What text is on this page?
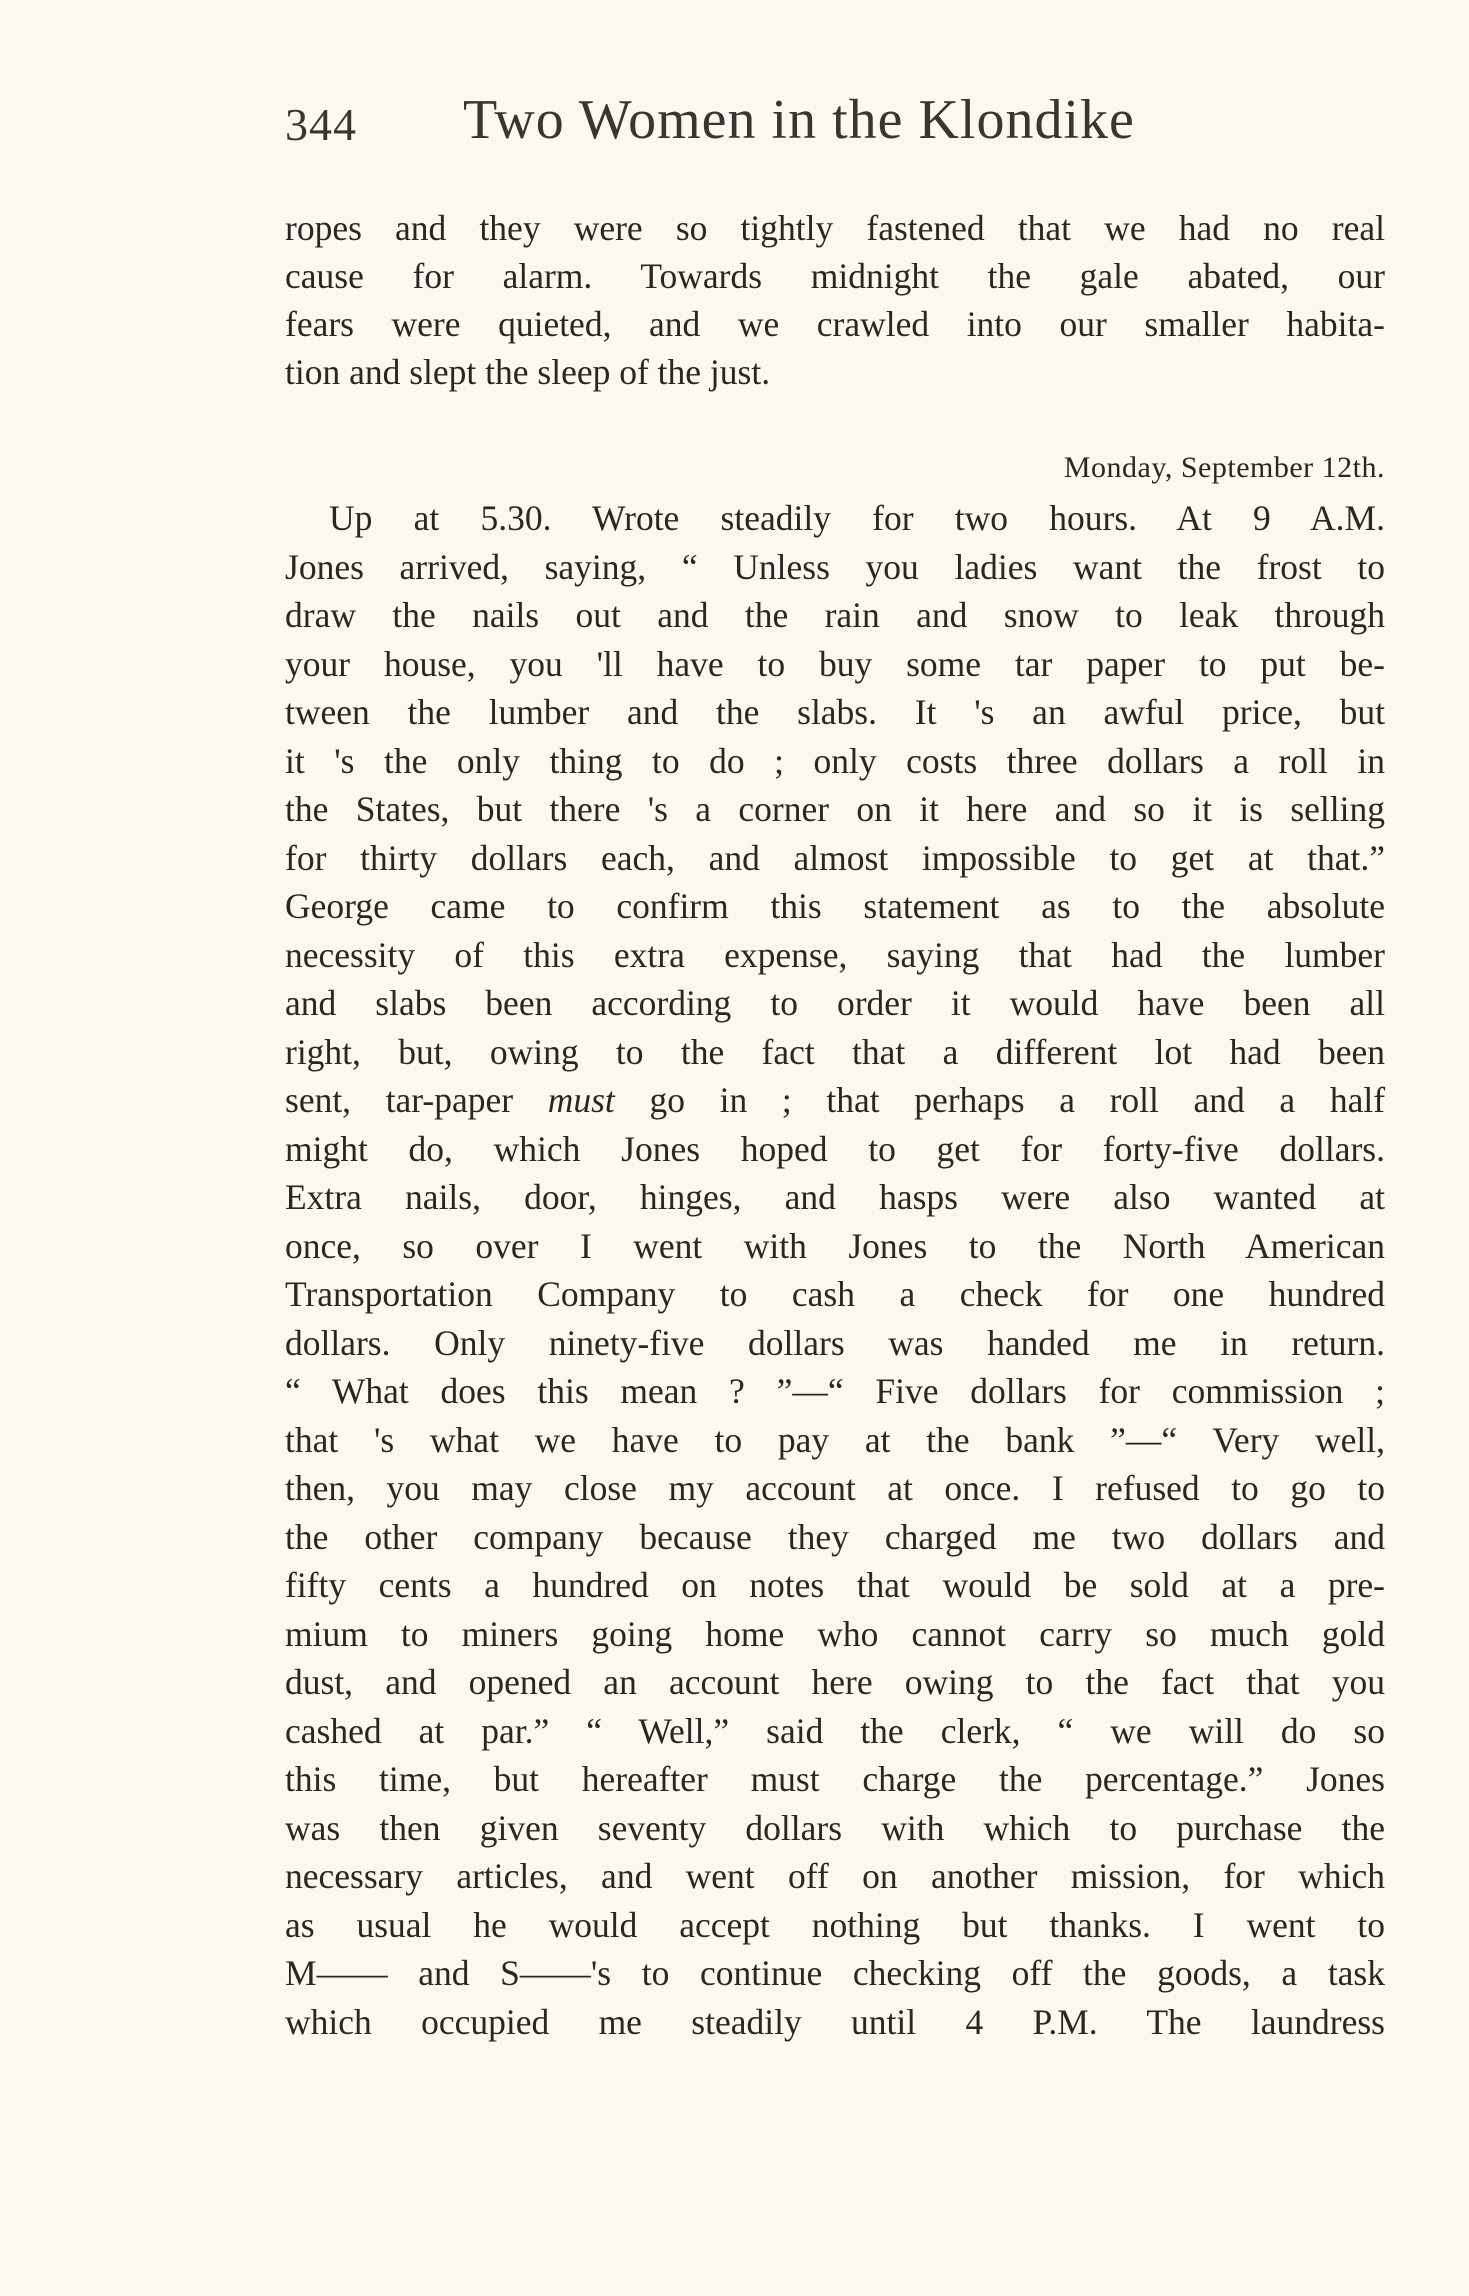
344 Two Women in the Klondike
ropes and they were so tightly fastened that we had no real
cause for alarm. Towards midnight the gale abated, our
fears were quieted, and we crawled into our smaller habita-
tion and slept the sleep of the just.
Monday, September 12th.
Up at 5.30. Wrote steadily for two hours. At 9 A.M.
Jones arrived, saying, “ Unless you ladies want the frost to
draw the nails out and the rain and snow to leak through
your house, you 'll have to buy some tar paper to put be-
tween the lumber and the slabs. It 's an awful price, but
it 's the only thing to do ; only costs three dollars a roll in
the States, but there 's a corner on it here and so it is selling
for thirty dollars each, and almost impossible to get at that.”
George came to confirm this statement as to the absolute
necessity of this extra expense, saying that had the lumber
and slabs been according to order it would have been all
right, but, owing to the fact that a different lot had been
sent, tar-paper must go in ; that perhaps a roll and a half
might do, which Jones hoped to get for forty-five dollars.
Extra nails, door, hinges, and hasps were also wanted at
once, so over I went with Jones to the North American
Transportation Company to cash a check for one hundred
dollars. Only ninety-five dollars was handed me in return.
“ What does this mean ? ”—“ Five dollars for commission ;
that 's what we have to pay at the bank ”—“ Very well,
then, you may close my account at once. I refused to go to
the other company because they charged me two dollars and
fifty cents a hundred on notes that would be sold at a pre-
mium to miners going home who cannot carry so much gold
dust, and opened an account here owing to the fact that you
cashed at par.” “ Well,” said the clerk, “ we will do so
this time, but hereafter must charge the percentage.” Jones
was then given seventy dollars with which to purchase the
necessary articles, and went off on another mission, for which
as usual he would accept nothing but thanks. I went to
M—— and S——'s to continue checking off the goods, a task
which occupied me steadily until 4 P.M. The laundress
